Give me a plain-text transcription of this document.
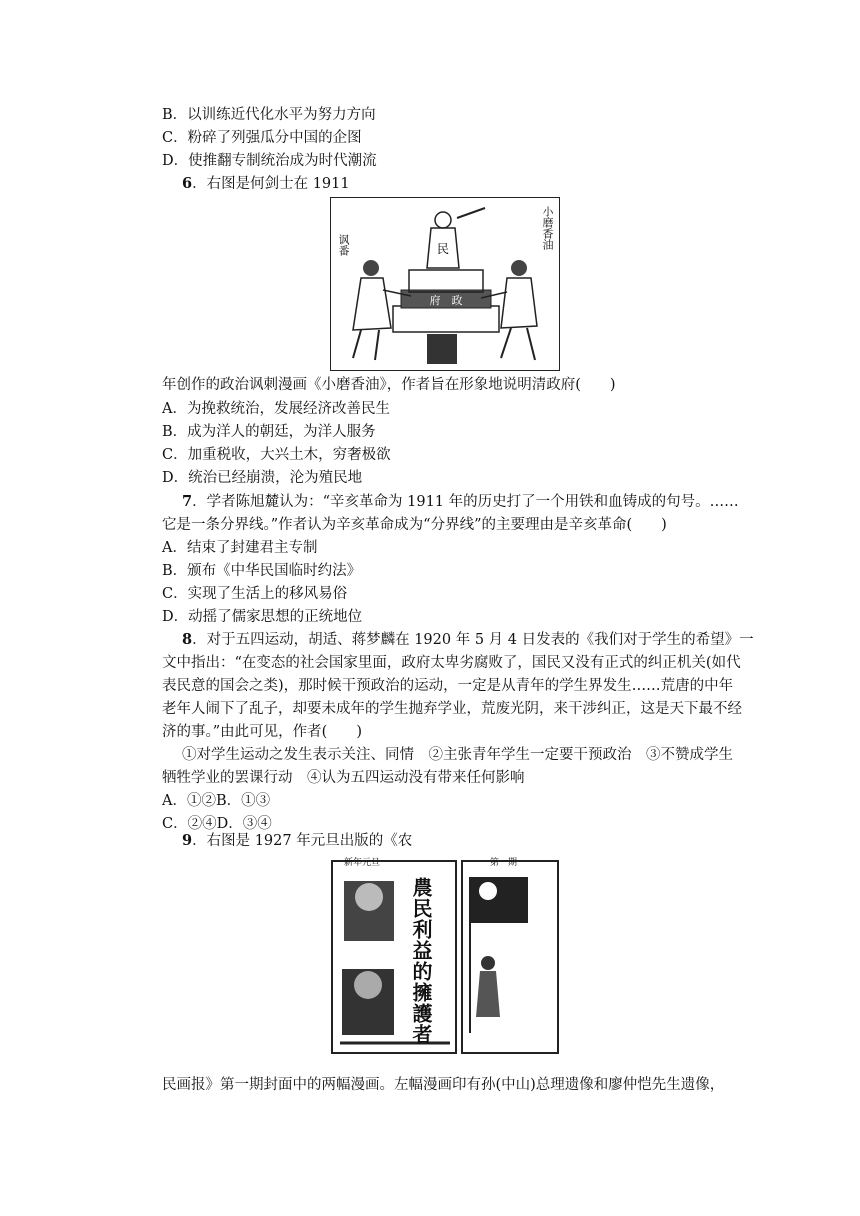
B．以训练近代化水平为努力方向
C．粉碎了列强瓜分中国的企图
D．使推翻专制统治成为时代潮流
6．右图是何剑士在 1911
民
府　政
小磨香油
讽番
年创作的政治讽刺漫画《小磨香油》，作者旨在形象地说明清政府(　　)
A．为挽救统治，发展经济改善民生
B．成为洋人的朝廷，为洋人服务
C．加重税收，大兴土木，穷奢极欲
D．统治已经崩溃，沦为殖民地
7．学者陈旭麓认为：“辛亥革命为 1911 年的历史打了一个用铁和血铸成的句号。……
它是一条分界线。”作者认为辛亥革命成为“分界线”的主要理由是辛亥革命(　　)
A．结束了封建君主专制
B．颁布《中华民国临时约法》
C．实现了生活上的移风易俗
D．动摇了儒家思想的正统地位
8．对于五四运动，胡适、蒋梦麟在 1920 年 5 月 4 日发表的《我们对于学生的希望》一
文中指出：“在变态的社会国家里面，政府太卑劣腐败了，国民又没有正式的纠正机关(如代
表民意的国会之类)，那时候干预政治的运动，一定是从青年的学生界发生……荒唐的中年
老年人闹下了乱子，却要未成年的学生抛弃学业，荒废光阴，来干涉纠正，这是天下最不经
济的事。”由此可见，作者(　　)
①对学生运动之发生表示关注、同情　②主张青年学生一定要干预政治　③不赞成学生
牺牲学业的罢课行动　④认为五四运动没有带来任何影响
A．①②B．①③
C．②④D．③④
9．右图是 1927 年元旦出版的《农
新年元旦	第一期
農民利益的擁護者
民画报》第一期封面中的两幅漫画。左幅漫画印有孙(中山)总理遗像和廖仲恺先生遗像，
